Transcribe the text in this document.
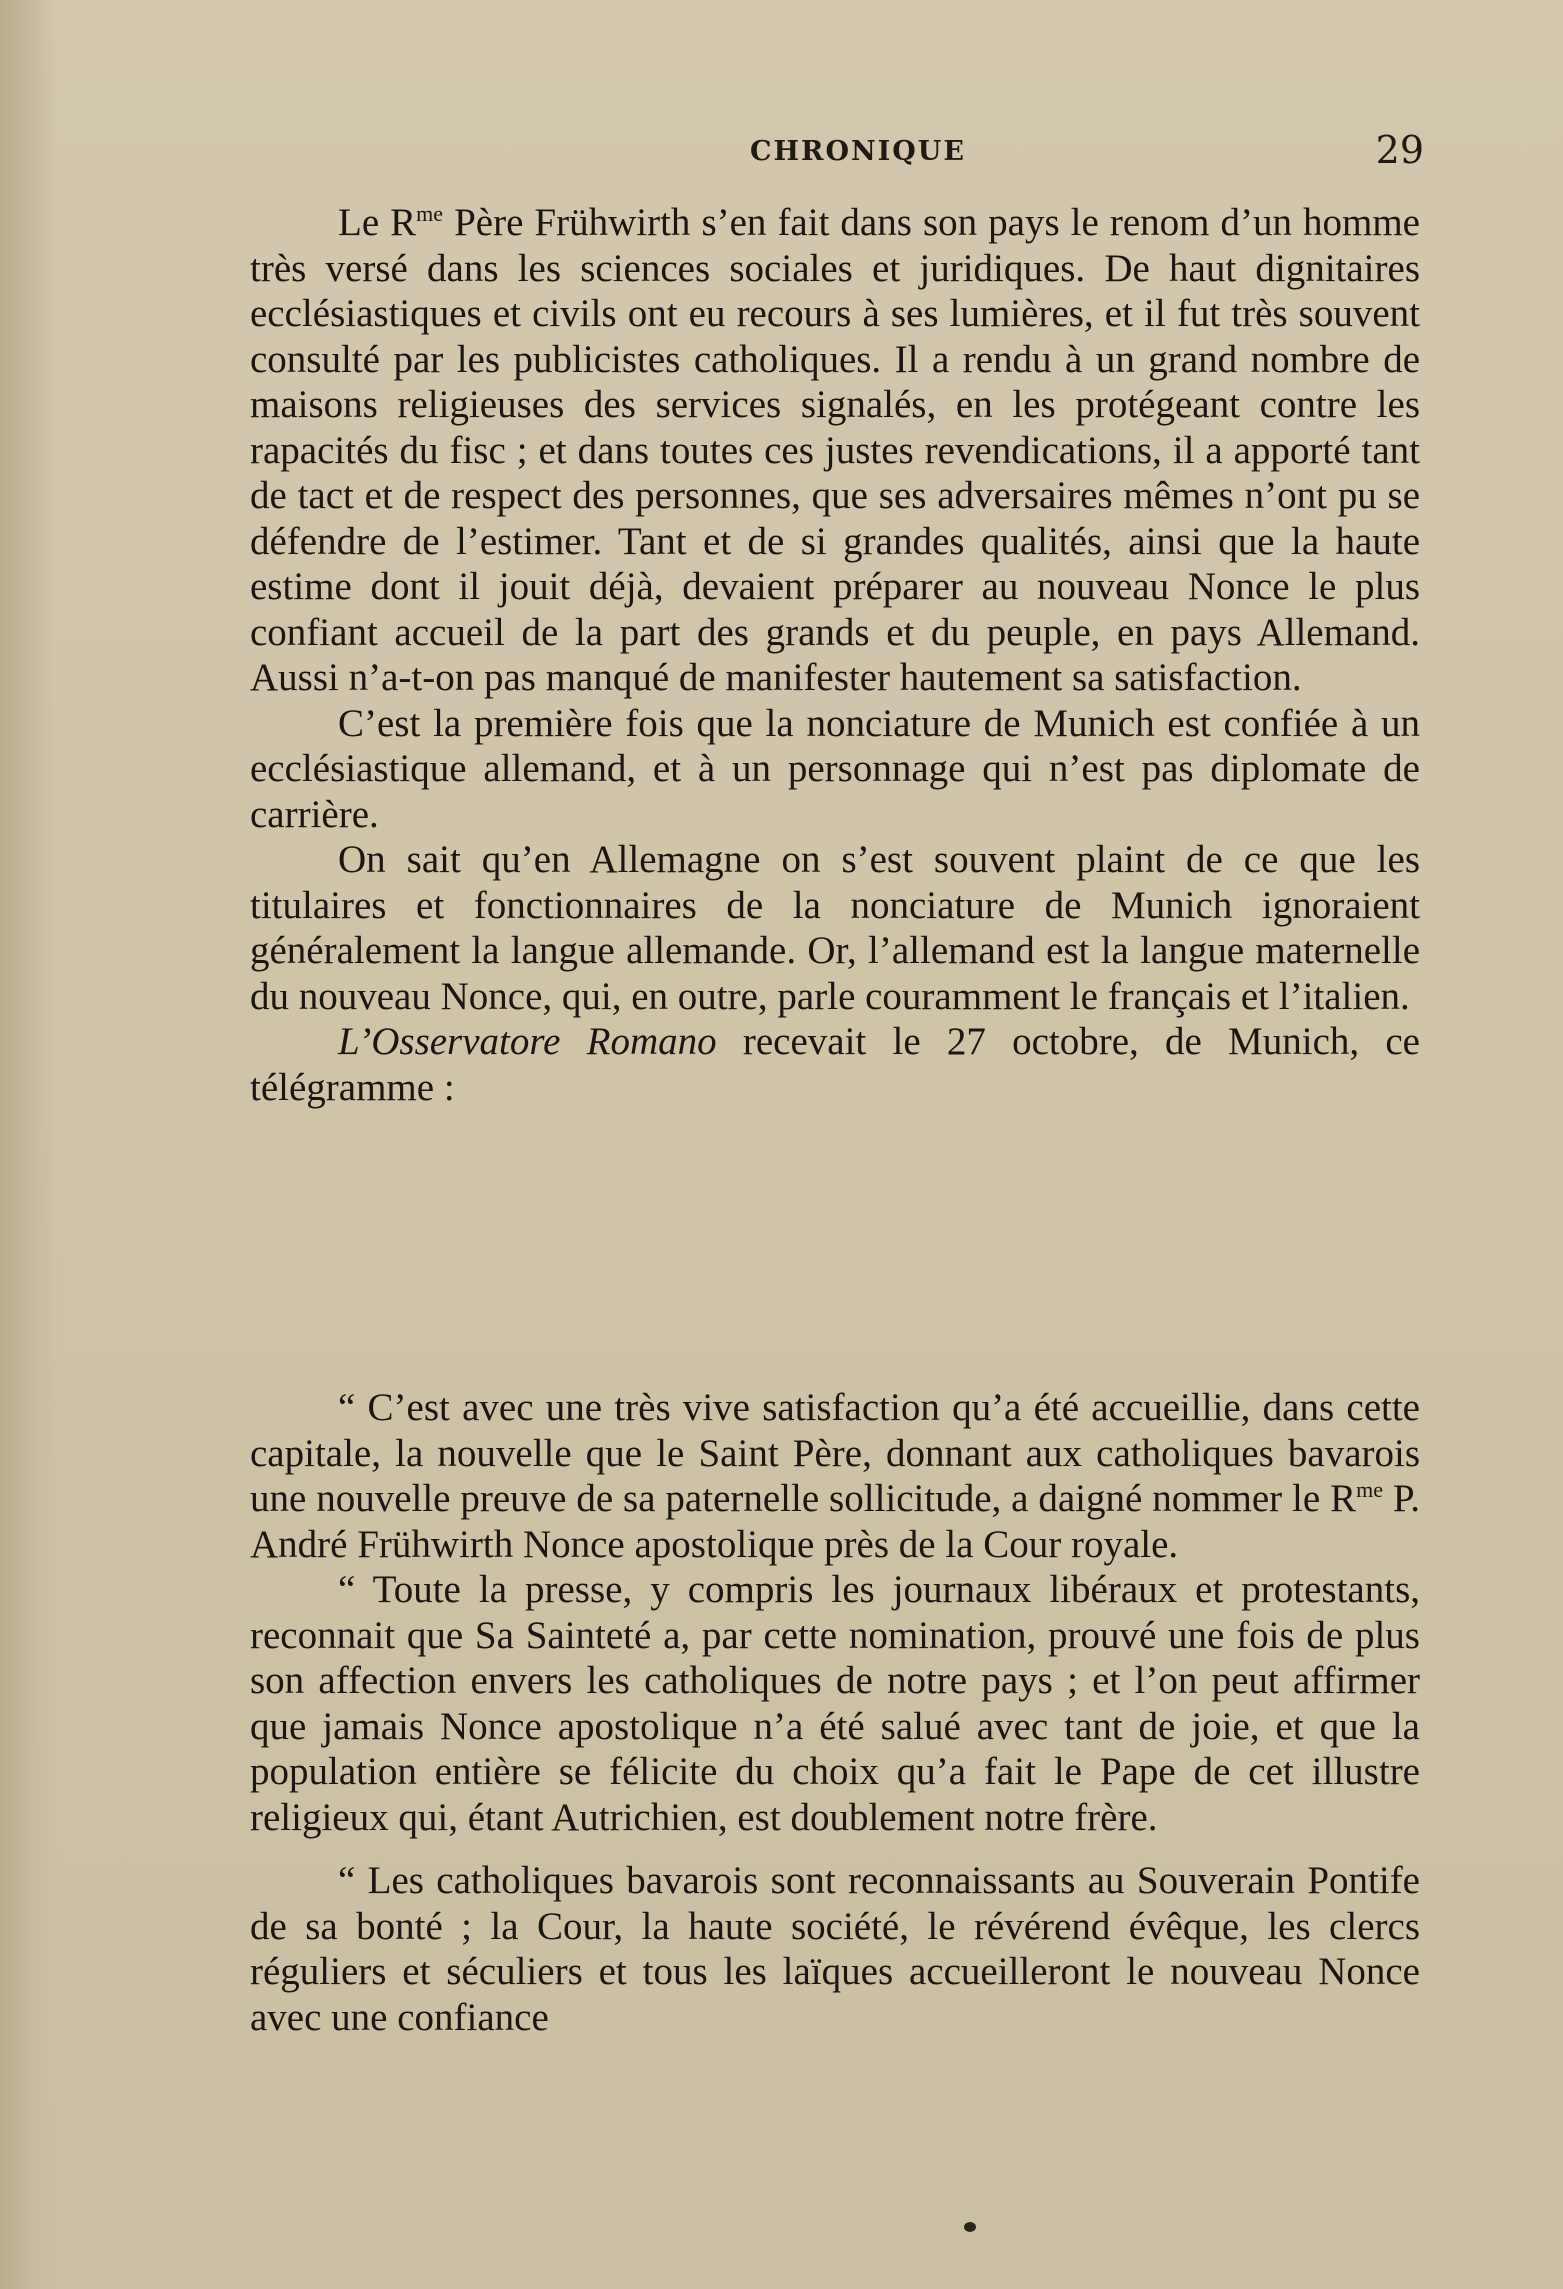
CHRONIQUE	29

Le $R^{me}$ Père Frühwirth s’en fait dans son pays le renom d’un homme très versé dans les sciences sociales et juridiques. De haut dignitaires ecclésiastiques et civils ont eu recours à ses lumières, et il fut très souvent consulté par les publicistes catholiques. Il a rendu à un grand nombre de maisons religieuses des services signalés, en les protégeant contre les rapacités du fisc ; et dans toutes ces justes revendications, il a apporté tant de tact et de respect des personnes, que ses adversaires mêmes n’ont pu se défendre de l’estimer. Tant et de si grandes qualités, ainsi que la haute estime dont il jouit déjà, devaient préparer au nouveau Nonce le plus confiant accueil de la part des grands et du peuple, en pays Allemand. Aussi n’a-t-on pas manqué de manifester hautement sa satisfaction.

C’est la première fois que la nonciature de Munich est confiée à un ecclésiastique allemand, et à un personnage qui n’est pas diplomate de carrière.

On sait qu’en Allemagne on s’est souvent plaint de ce que les titulaires et fonctionnaires de la nonciature de Munich ignoraient généralement la langue allemande. Or, l’allemand est la langue maternelle du nouveau Nonce, qui, en outre, parle couramment le français et l’italien.

L’Osservatore Romano recevait le 27 octobre, de Munich, ce télégramme :

“ C’est avec une très vive satisfaction qu’a été accueillie, dans cette capitale, la nouvelle que le Saint Père, donnant aux catholiques bavarois une nouvelle preuve de sa paternelle sollicitude, a daigné nommer le $R^{me}$ P. André Frühwirth Nonce apostolique près de la Cour royale.

“ Toute la presse, y compris les journaux libéraux et protestants, reconnait que Sa Sainteté a, par cette nomination, prouvé une fois de plus son affection envers les catholiques de notre pays ; et l’on peut affirmer que jamais Nonce apostolique n’a été salué avec tant de joie, et que la population entière se félicite du choix qu’a fait le Pape de cet illustre religieux qui, étant Autrichien, est doublement notre frère.

“ Les catholiques bavarois sont reconnaissants au Souverain Pontife de sa bonté ; la Cour, la haute société, le révérend évêque, les clercs réguliers et séculiers et tous les laïques accueilleront le nouveau Nonce avec une confiance
